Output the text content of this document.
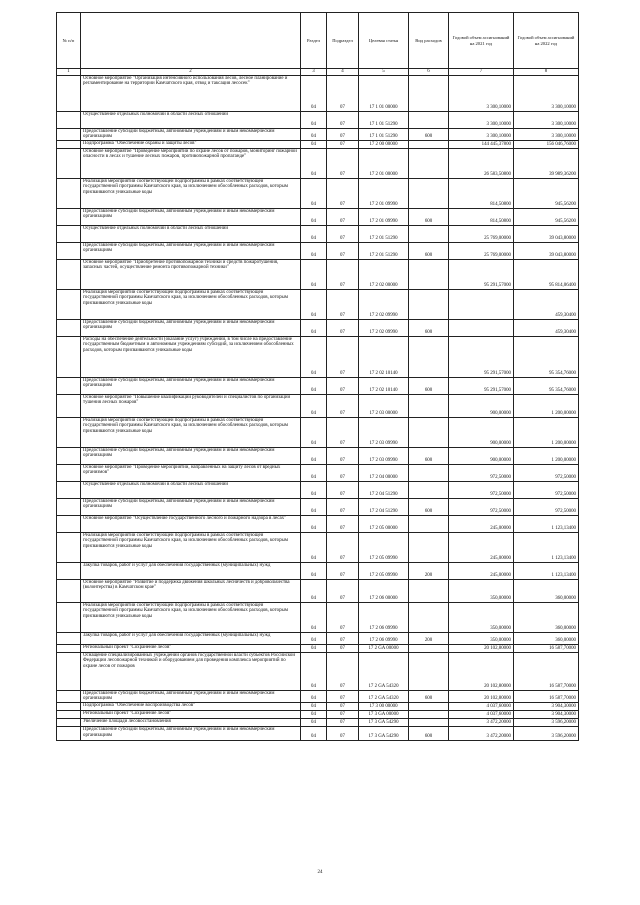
№ п/п		Раздел	Подраздел	Целевая статья	Вид расходов	Годовой объем ассигнований на 2021 год	Годовой объем ассигнований на 2022 год
1	2	3	4	5	6	7	8
	Основное мероприятие "Организация интенсивного использования лесов, лесное планирование и регламентирование на территории Камчатского края, отвод и таксация лесосек"	04	07	17 1 01 00000		3 300,10000	3 300,10000
	Осуществление отдельных полномочий в области лесных отношений	04	07	17 1 01 51290		3 300,10000	3 300,10000
	Предоставление субсидий бюджетным, автономным учреждениям и иным некоммерческим организациям	04	07	17 1 01 51290	600	3 300,10000	3 300,10000
	Подпрограмма "Обеспечение охраны и защиты лесов"	04	07	17 2 00 00000		144 445,37800	156 046,76000
	Основное мероприятие "Проведение мероприятий по охране лесов от пожаров, мониторинг пожарной опасности в лесах и тушение лесных пожаров, противопожарной пропаганде"	04	07	17 2 01 00000		26 583,50800	39 989,36200
	Реализация мероприятий соответствующей подпрограммы в рамках соответствующей государственной программы Камчатского края, за исключением обособленных расходов, которым присваиваются уникальные коды	04	07	17 2 01 09990		814,50800	945,56200
	Предоставление субсидий бюджетным, автономным учреждениям и иным некоммерческим организациям	04	07	17 2 01 09990	600	814,50800	945,56200
	Осуществление отдельных полномочий в области лесных отношений	04	07	17 2 01 51290		25 769,00000	39 043,80000
	Предоставление субсидий бюджетным, автономным учреждениям и иным некоммерческим организациям	04	07	17 2 01 51290	600	25 769,00000	39 043,80000
	Основное мероприятие "Приобретение противопожарной техники и средств пожаротушения, запасных частей, осуществление ремонта противопожарной техники"	04	07	17 2 02 00000		95 291,57000	95 814,06400
	Реализация мероприятий соответствующей подпрограммы в рамках соответствующей государственной программы Камчатского края, за исключением обособленных расходов, которым присваиваются уникальные коды	04	07	17 2 02 09990			459,30400
	Предоставление субсидий бюджетным, автономным учреждениям и иным некоммерческим организациям	04	07	17 2 02 09990	600		459,30400
	Расходы на обеспечение деятельности (оказание услуг) учреждений, в том числе на предоставление государственным бюджетным и автономным учреждениям субсидий, за исключением обособленных расходов, которым присваиваются уникальные коды	04	07	17 2 02 10140		95 291,57000	95 354,76000
	Предоставление субсидий бюджетным, автономным учреждениям и иным некоммерческим организациям	04	07	17 2 02 10140	600	95 291,57000	95 354,76000
	Основное мероприятие "Повышение квалификации руководителей и специалистов по организации тушения лесных пожаров"	04	07	17 2 03 00000		900,00000	1 200,00000
	Реализация мероприятий соответствующей подпрограммы в рамках соответствующей государственной программы Камчатского края, за исключением обособленных расходов, которым присваиваются уникальные коды	04	07	17 2 03 09990		900,00000	1 200,00000
	Предоставление субсидий бюджетным, автономным учреждениям и иным некоммерческим организациям	04	07	17 2 03 09990	600	900,00000	1 200,00000
	Основное мероприятие "Проведение мероприятий, направленных на защиту лесов от вредных организмов"	04	07	17 2 04 00000		972,50000	972,50000
	Осуществление отдельных полномочий в области лесных отношений	04	07	17 2 04 51290		972,50000	972,50000
	Предоставление субсидий бюджетным, автономным учреждениям и иным некоммерческим организациям	04	07	17 2 04 51290	600	972,50000	972,50000
	Основное мероприятие "Осуществление государственного лесного и пожарного надзора в лесах"	04	07	17 2 05 00000		245,00000	1 123,13400
	Реализация мероприятий соответствующей подпрограммы в рамках соответствующей государственной программы Камчатского края, за исключением обособленных расходов, которым присваиваются уникальные коды	04	07	17 2 05 09990		245,00000	1 123,13400
	Закупка товаров, работ и услуг для обеспечения государственных (муниципальных) нужд	04	07	17 2 05 09990	200	245,00000	1 123,13400
	Основное мероприятие "Развитие и поддержка движения школьных лесничеств и добровольчества (волонтерства) в Камчатском крае"	04	07	17 2 06 00000		350,00000	360,00000
	Реализация мероприятий соответствующей подпрограммы в рамках соответствующей государственной программы Камчатского края, за исключением обособленных расходов, которым присваиваются уникальные коды	04	07	17 2 06 09990		350,00000	360,00000
	Закупка товаров, работ и услуг для обеспечения государственных (муниципальных) нужд	04	07	17 2 06 09990	200	350,00000	360,00000
	Региональный проект "Сохранение лесов"	04	07	17 2 GA 00000		20 102,80000	16 587,70000
	Оснащение специализированных учреждений органов государственной власти субъектов Российской Федерации лесопожарной техникой и оборудованием для проведения комплекса мероприятий по охране лесов от пожаров	04	07	17 2 GA 54320		20 102,80000	16 587,70000
	Предоставление субсидий бюджетным, автономным учреждениям и иным некоммерческим организациям	04	07	17 2 GA 54320	600	20 102,80000	16 587,70000
	Подпрограмма "Обеспечение воспроизводства лесов"	04	07	17 3 00 00000		4 037,60000	3 904,30000
	Региональный проект "Сохранение лесов"	04	07	17 3 GA 00000		4 037,60000	3 904,30000
	Увеличение площади лесовосстановления	04	07	17 3 GA 54290		3 472,20000	3 596,20000
	Предоставление субсидий бюджетным, автономным учреждениям и иным некоммерческим организациям	04	07	17 3 GA 54290	600	3 472,20000	3 596,20000
24
